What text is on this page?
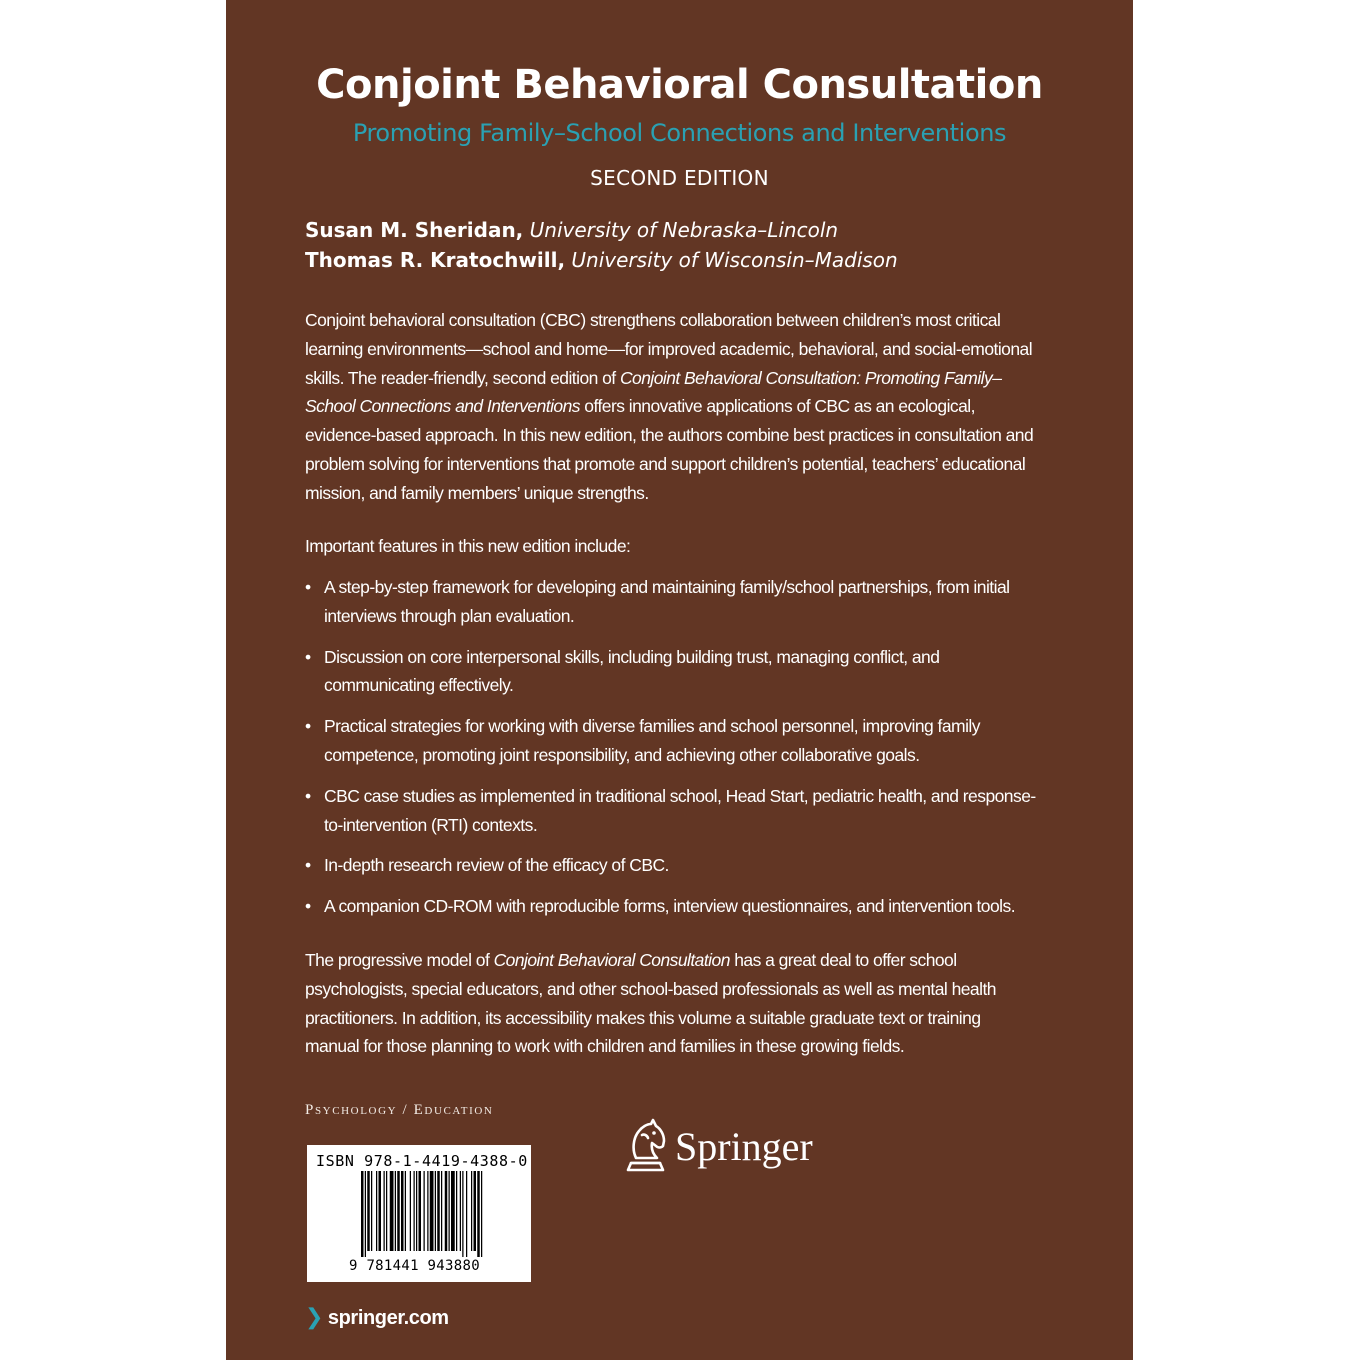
Conjoint Behavioral Consultation
Promoting Family–School Connections and Interventions
SECOND EDITION
Susan M. Sheridan, University of Nebraska–Lincoln
Thomas R. Kratochwill, University of Wisconsin–Madison

Conjoint behavioral consultation (CBC) strengthens collaboration between children’s most critical learning environments—school and home—for improved academic, behavioral, and social-emotional skills. The reader-friendly, second edition of Conjoint Behavioral Consultation: Promoting Family–School Connections and Interventions offers innovative applications of CBC as an ecological, evidence-based approach. In this new edition, the authors combine best practices in consultation and problem solving for interventions that promote and support children’s potential, teachers’ educational mission, and family members’ unique strengths.

Important features in this new edition include:

• A step-by-step framework for developing and maintaining family/school partnerships, from initial interviews through plan evaluation.
• Discussion on core interpersonal skills, including building trust, managing conflict, and communicating effectively.
• Practical strategies for working with diverse families and school personnel, improving family competence, promoting joint responsibility, and achieving other collaborative goals.
• CBC case studies as implemented in traditional school, Head Start, pediatric health, and response-to-intervention (RTI) contexts.
• In-depth research review of the efficacy of CBC.
• A companion CD-ROM with reproducible forms, interview questionnaires, and intervention tools.

The progressive model of Conjoint Behavioral Consultation has a great deal to offer school psychologists, special educators, and other school-based professionals as well as mental health practitioners. In addition, its accessibility makes this volume a suitable graduate text or training manual for those planning to work with children and families in these growing fields.

Psychology / Education
ISBN 978-1-4419-4388-0
9 781441 943880
Springer
❯ springer.com
